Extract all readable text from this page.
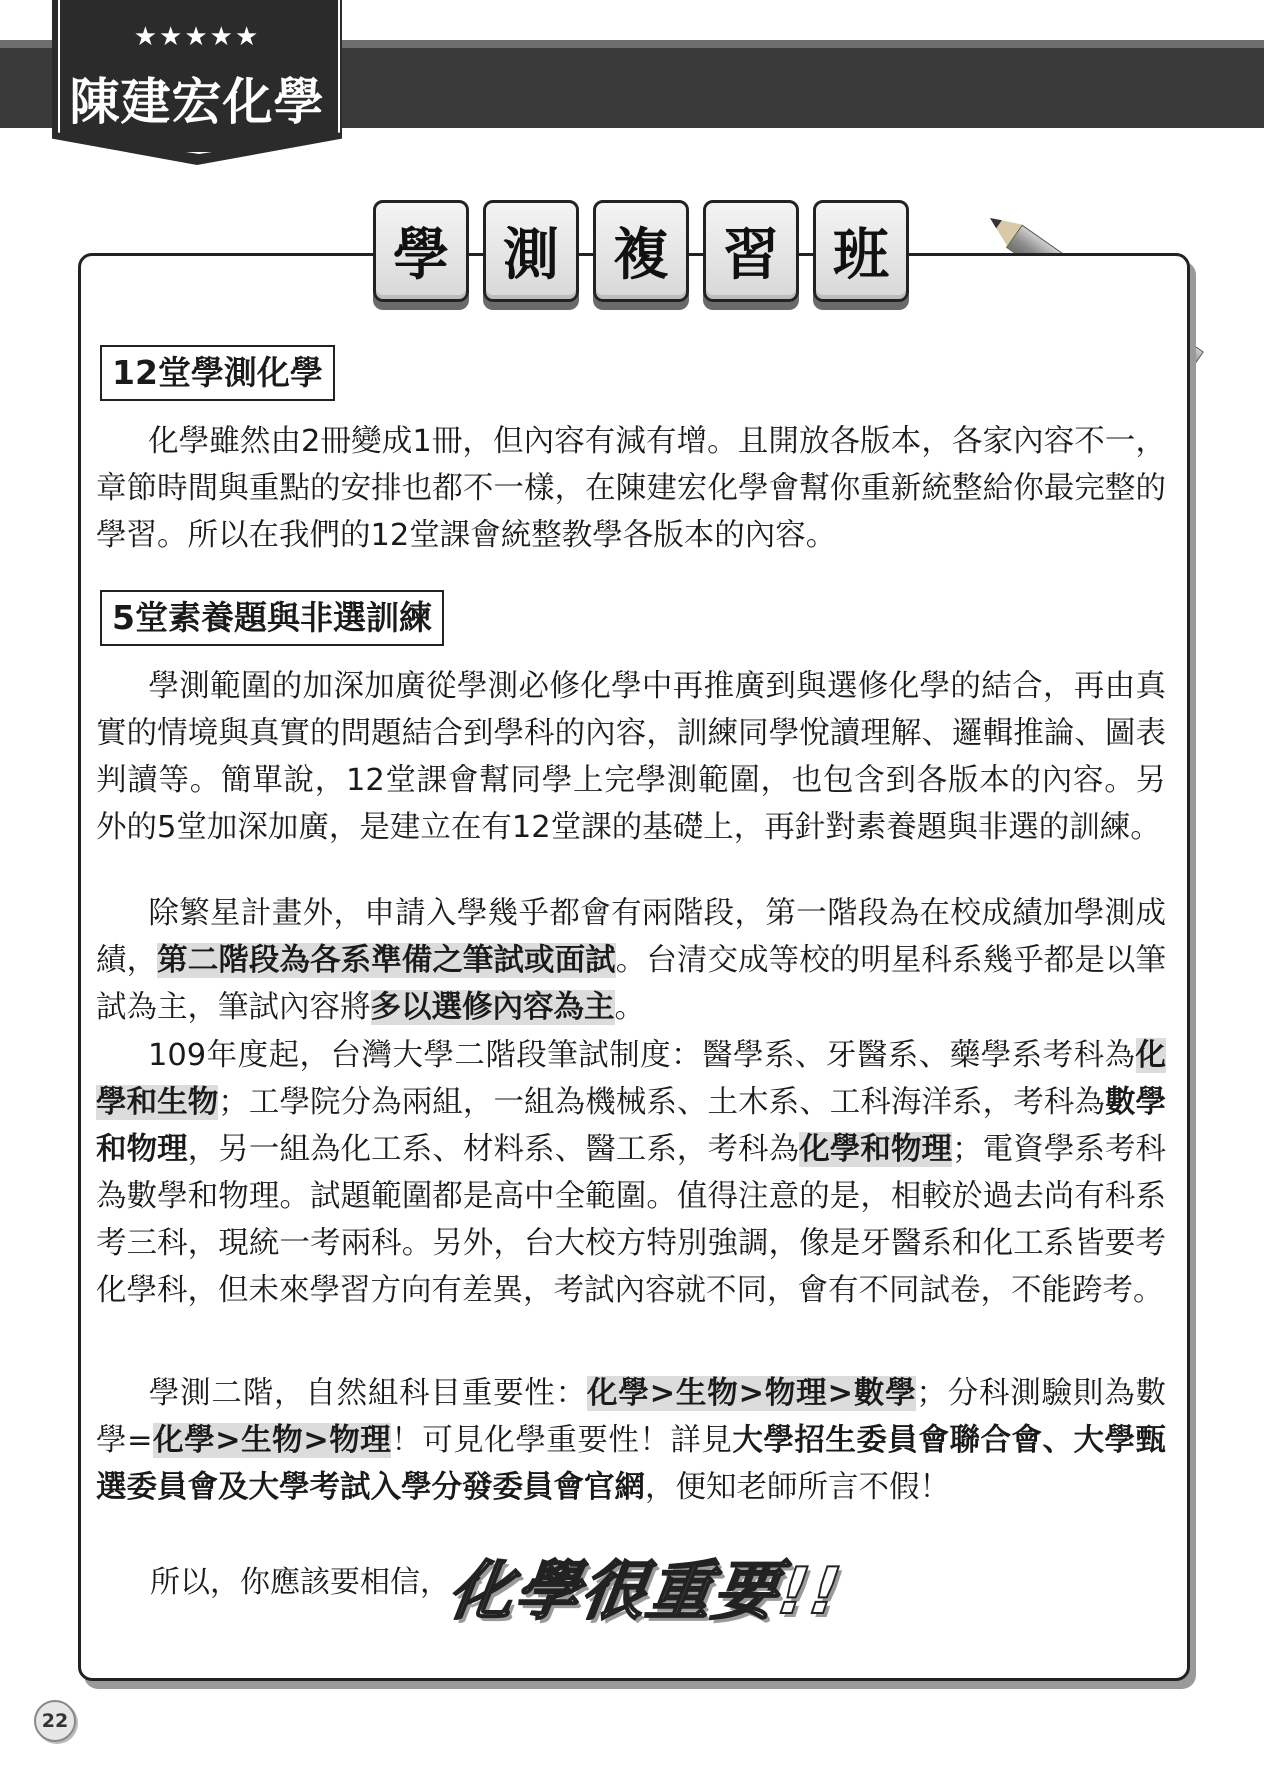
★★★★★
陳建宏化學
學 測 複 習 班
12堂學測化學

化學雖然由2冊變成1冊，但內容有減有增。且開放各版本，各家內容不一，章節時間與重點的安排也都不一樣，在陳建宏化學會幫你重新統整給你最完整的學習。所以在我們的12堂課會統整教學各版本的內容。

5堂素養題與非選訓練

學測範圍的加深加廣從學測必修化學中再推廣到與選修化學的結合，再由真實的情境與真實的問題結合到學科的內容，訓練同學悅讀理解、邏輯推論、圖表判讀等。簡單說，12堂課會幫同學上完學測範圍，也包含到各版本的內容。另外的5堂加深加廣，是建立在有12堂課的基礎上，再針對素養題與非選的訓練。

除繁星計畫外，申請入學幾乎都會有兩階段，第一階段為在校成績加學測成績，第二階段為各系準備之筆試或面試。台清交成等校的明星科系幾乎都是以筆試為主，筆試內容將多以選修內容為主。

109年度起，台灣大學二階段筆試制度：醫學系、牙醫系、藥學系考科為化學和生物；工學院分為兩組，一組為機械系、土木系、工科海洋系，考科為數學和物理，另一組為化工系、材料系、醫工系，考科為化學和物理；電資學系考科為數學和物理。試題範圍都是高中全範圍。值得注意的是，相較於過去尚有科系考三科，現統一考兩科。另外，台大校方特別強調，像是牙醫系和化工系皆要考化學科，但未來學習方向有差異，考試內容就不同，會有不同試卷，不能跨考。

學測二階，自然組科目重要性：化學>生物>物理>數學；分科測驗則為數學=化學>生物>物理！可見化學重要性！詳見大學招生委員會聯合會、大學甄選委員會及大學考試入學分發委員會官網，便知老師所言不假！

所以，你應該要相信，
化學很重要!!
22
